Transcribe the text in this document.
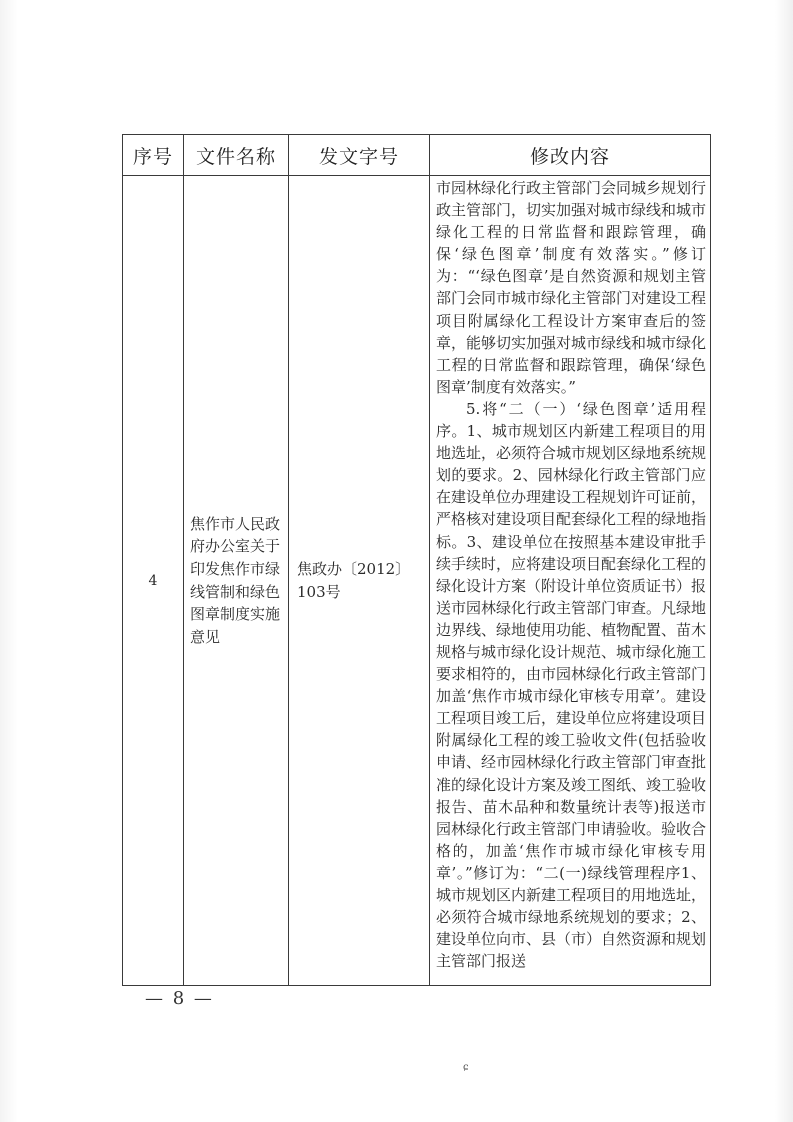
序号	文件名称	发文字号	修改内容
4	焦作市人民政府办公室关于印发焦作市绿线管制和绿色图章制度实施意见	焦政办〔2012〕103号	市园林绿化行政主管部门会同城乡规划行政主管部门，切实加强对城市绿线和城市绿化工程的日常监督和跟踪管理，确保‘绿色图章’制度有效落实。”修订为：“‘绿色图章’是自然资源和规划主管部门会同市城市绿化主管部门对建设工程项目附属绿化工程设计方案审查后的签章，能够切实加强对城市绿线和城市绿化工程的日常监督和跟踪管理，确保‘绿色图章’制度有效落实。”

5.将“二（一）‘绿色图章’适用程序。1、城市规划区内新建工程项目的用地选址，必须符合城市规划区绿地系统规划的要求。2、园林绿化行政主管部门应在建设单位办理建设工程规划许可证前，严格核对建设项目配套绿化工程的绿地指标。3、建设单位在按照基本建设审批手续手续时，应将建设项目配套绿化工程的绿化设计方案（附设计单位资质证书）报送市园林绿化行政主管部门审查。凡绿地边界线、绿地使用功能、植物配置、苗木规格与城市绿化设计规范、城市绿化施工要求相符的，由市园林绿化行政主管部门加盖‘焦作市城市绿化审核专用章’。建设工程项目竣工后，建设单位应将建设项目附属绿化工程的竣工验收文件(包括验收申请、经市园林绿化行政主管部门审查批准的绿化设计方案及竣工图纸、竣工验收报告、苗木品种和数量统计表等)报送市园林绿化行政主管部门申请验收。验收合格的，加盖‘焦作市城市绿化审核专用章’。”修订为：“二(一)绿线管理程序1、城市规划区内新建工程项目的用地选址，必须符合城市绿地系统规划的要求；2、建设单位向市、县（市）自然资源和规划主管部门报送

— 8 —
ɕ
